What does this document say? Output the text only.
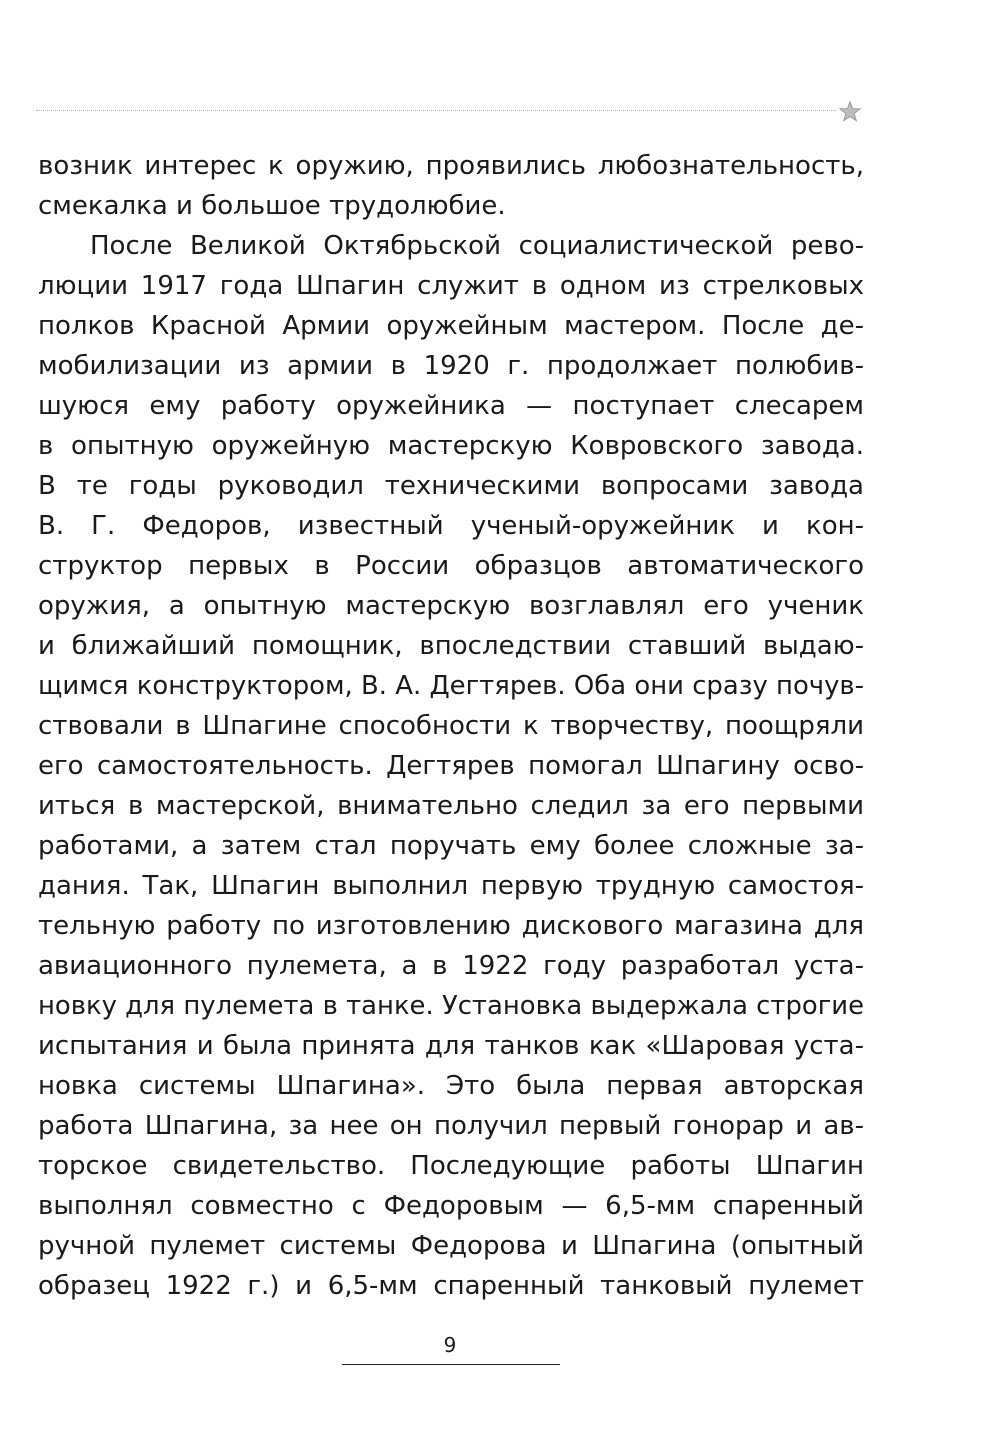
возник интерес к оружию, проявились любознательность,
смекалка и большое трудолюбие.
После Великой Октябрьской социалистической рево-
люции 1917 года Шпагин служит в одном из стрелковых
полков Красной Армии оружейным мастером. После де-
мобилизации из армии в 1920 г. продолжает полюбив-
шуюся ему работу оружейника — поступает слесарем
в опытную оружейную мастерскую Ковровского завода.
В те годы руководил техническими вопросами завода
В. Г. Федоров, известный ученый-оружейник и кон-
структор первых в России образцов автоматического
оружия, а опытную мастерскую возглавлял его ученик
и ближайший помощник, впоследствии ставший выдаю-
щимся конструктором, В. А. Дегтярев. Оба они сразу почув-
ствовали в Шпагине способности к творчеству, поощряли
его самостоятельность. Дегтярев помогал Шпагину осво-
иться в мастерской, внимательно следил за его первыми
работами, а затем стал поручать ему более сложные за-
дания. Так, Шпагин выполнил первую трудную самостоя-
тельную работу по изготовлению дискового магазина для
авиационного пулемета, а в 1922 году разработал уста-
новку для пулемета в танке. Установка выдержала строгие
испытания и была принята для танков как «Шаровая уста-
новка системы Шпагина». Это была первая авторская
работа Шпагина, за нее он получил первый гонорар и ав-
торское свидетельство. Последующие работы Шпагин
выполнял совместно с Федоровым — 6,5-мм спаренный
ручной пулемет системы Федорова и Шпагина (опытный
образец 1922 г.) и 6,5-мм спаренный танковый пулемет
9
